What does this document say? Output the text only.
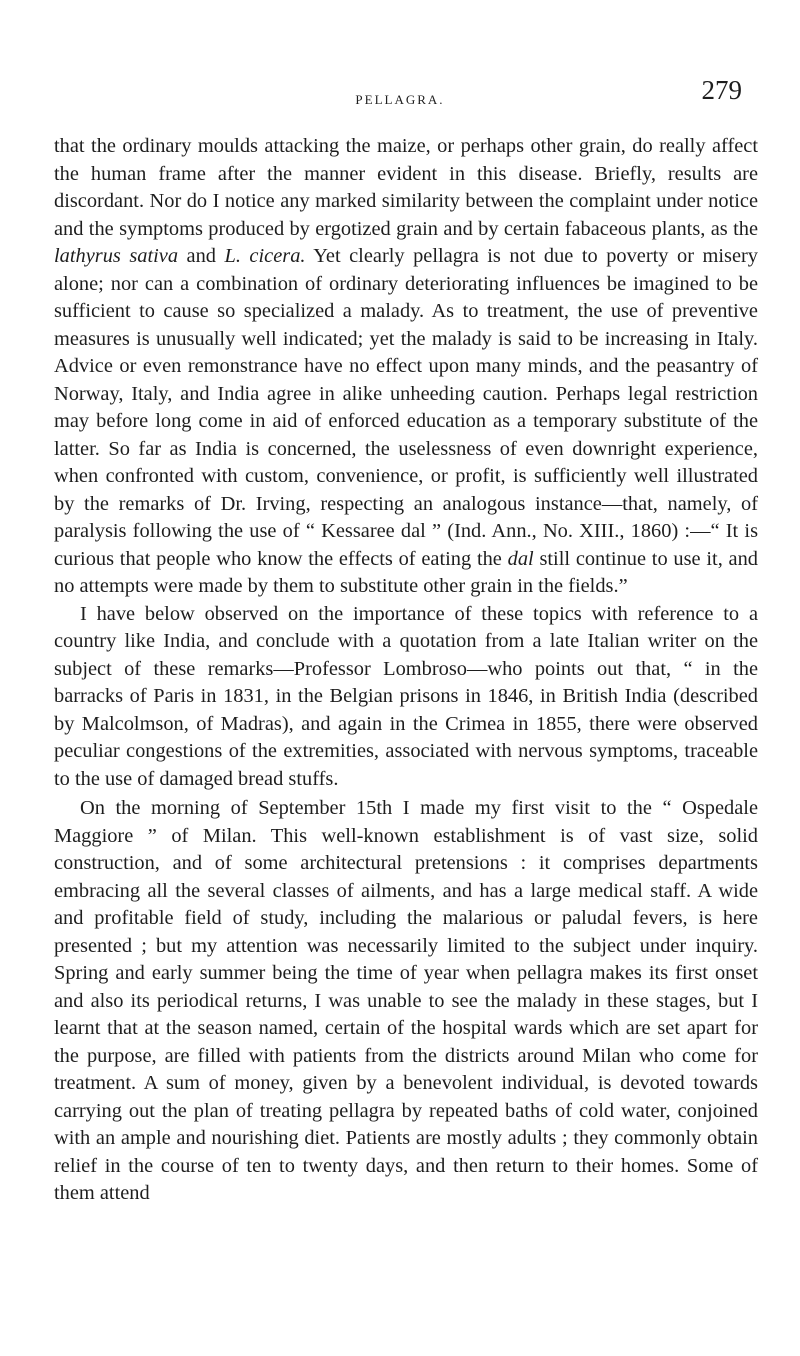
PELLAGRA.	279

that the ordinary moulds attacking the maize, or perhaps other grain, do really affect the human frame after the manner evident in this disease. Briefly, results are discordant. Nor do I notice any marked similarity between the complaint under notice and the symptoms produced by ergotized grain and by certain fabaceous plants, as the lathyrus sativa and L. cicera. Yet clearly pellagra is not due to poverty or misery alone; nor can a combination of ordinary deteriorating influences be imagined to be sufficient to cause so specialized a malady. As to treatment, the use of preventive measures is unusually well indicated; yet the malady is said to be increasing in Italy. Advice or even remonstrance have no effect upon many minds, and the peasantry of Norway, Italy, and India agree in alike unheeding caution. Perhaps legal restriction may before long come in aid of enforced education as a temporary substitute of the latter. So far as India is concerned, the uselessness of even downright experience, when confronted with custom, convenience, or profit, is sufficiently well illustrated by the remarks of Dr. Irving, respecting an analogous instance—that, namely, of paralysis following the use of “ Kessaree dal ” (Ind. Ann., No. XIII., 1860) :—“ It is curious that people who know the effects of eating the dal still continue to use it, and no attempts were made by them to substitute other grain in the fields.”

I have below observed on the importance of these topics with reference to a country like India, and conclude with a quotation from a late Italian writer on the subject of these remarks—Professor Lombroso—who points out that, “ in the barracks of Paris in 1831, in the Belgian prisons in 1846, in British India (described by Malcolmson, of Madras), and again in the Crimea in 1855, there were observed peculiar congestions of the extremities, associated with nervous symptoms, traceable to the use of damaged bread stuffs.

On the morning of September 15th I made my first visit to the “ Ospedale Maggiore ” of Milan. This well-known establishment is of vast size, solid construction, and of some architectural pretensions : it comprises departments embracing all the several classes of ailments, and has a large medical staff. A wide and profitable field of study, including the malarious or paludal fevers, is here presented ; but my attention was necessarily limited to the subject under inquiry. Spring and early summer being the time of year when pellagra makes its first onset and also its periodical returns, I was unable to see the malady in these stages, but I learnt that at the season named, certain of the hospital wards which are set apart for the purpose, are filled with patients from the districts around Milan who come for treatment. A sum of money, given by a benevolent individual, is devoted towards carrying out the plan of treating pellagra by repeated baths of cold water, conjoined with an ample and nourishing diet. Patients are mostly adults ; they commonly obtain relief in the course of ten to twenty days, and then return to their homes. Some of them attend
